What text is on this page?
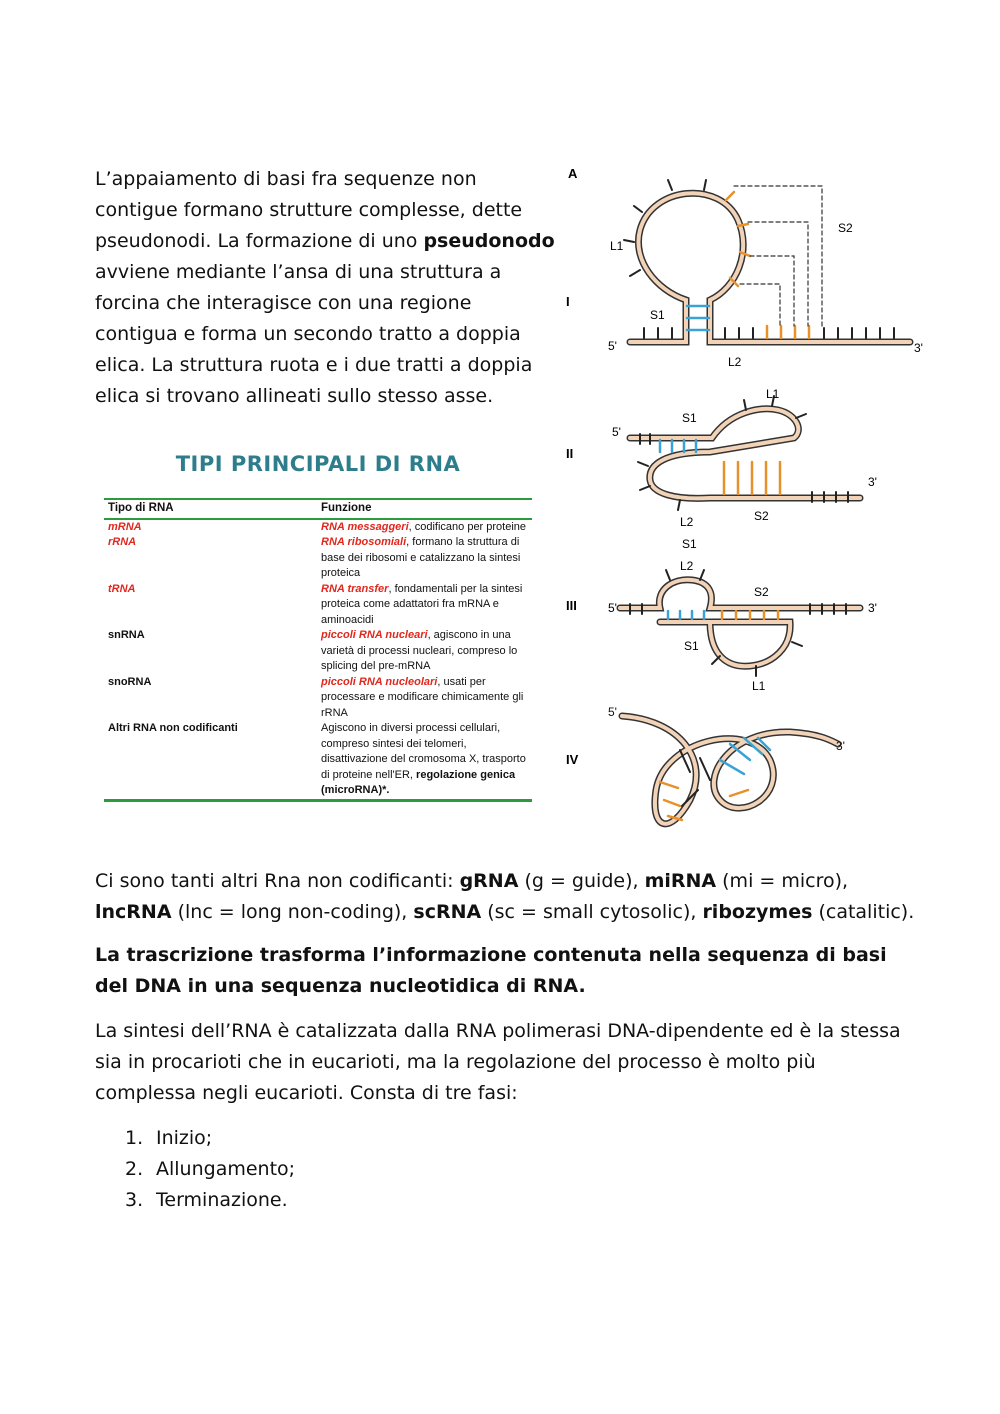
L’appaiamento di basi fra sequenze non contigue formano strutture complesse, dette pseudonodi. La formazione di uno pseudonodo avviene mediante l’ansa di una struttura a forcina che interagisce con una regione contigua e forma un secondo tratto a doppia elica. La struttura ruota e i due tratti a doppia elica si trovano allineati sullo stesso asse.

TIPI PRINCIPALI DI RNA
Tipo di RNA	Funzione
mRNA	RNA messaggeri, codificano per proteine
rRNA	RNA ribosomiali, formano la struttura di base dei ribosomi e catalizzano la sintesi proteica
tRNA	RNA transfer, fondamentali per la sintesi proteica come adattatori fra mRNA e aminoacidi
snRNA	piccoli RNA nucleari, agiscono in una varietà di processi nucleari, compreso lo splicing del pre-mRNA
snoRNA	piccoli RNA nucleolari, usati per processare e modificare chimicamente gli rRNA
Altri RNA non codificanti	Agiscono in diversi processi cellulari, compreso sintesi dei telomeri, disattivazione del cromosoma X, trasporto di proteine nell'ER, regolazione genica (microRNA)*.
A
I
II
III
IV
5'	3'
S1
S2
L1
L2
5'
3'
S1
L1
S2
L2
S1
L2
5'	3'
S2
S1
L1
5'
3'

Ci sono tanti altri Rna non codificanti: gRNA (g = guide), miRNA (mi = micro), lncRNA (lnc = long non-coding), scRNA (sc = small cytosolic), ribozymes (catalitic).

La trascrizione trasforma l’informazione contenuta nella sequenza di basi del DNA in una sequenza nucleotidica di RNA.

La sintesi dell’RNA è catalizzata dalla RNA polimerasi DNA-dipendente ed è la stessa sia in procarioti che in eucarioti, ma la regolazione del processo è molto più complessa negli eucarioti. Consta di tre fasi:

1. Inizio;
2. Allungamento;
3. Terminazione.
